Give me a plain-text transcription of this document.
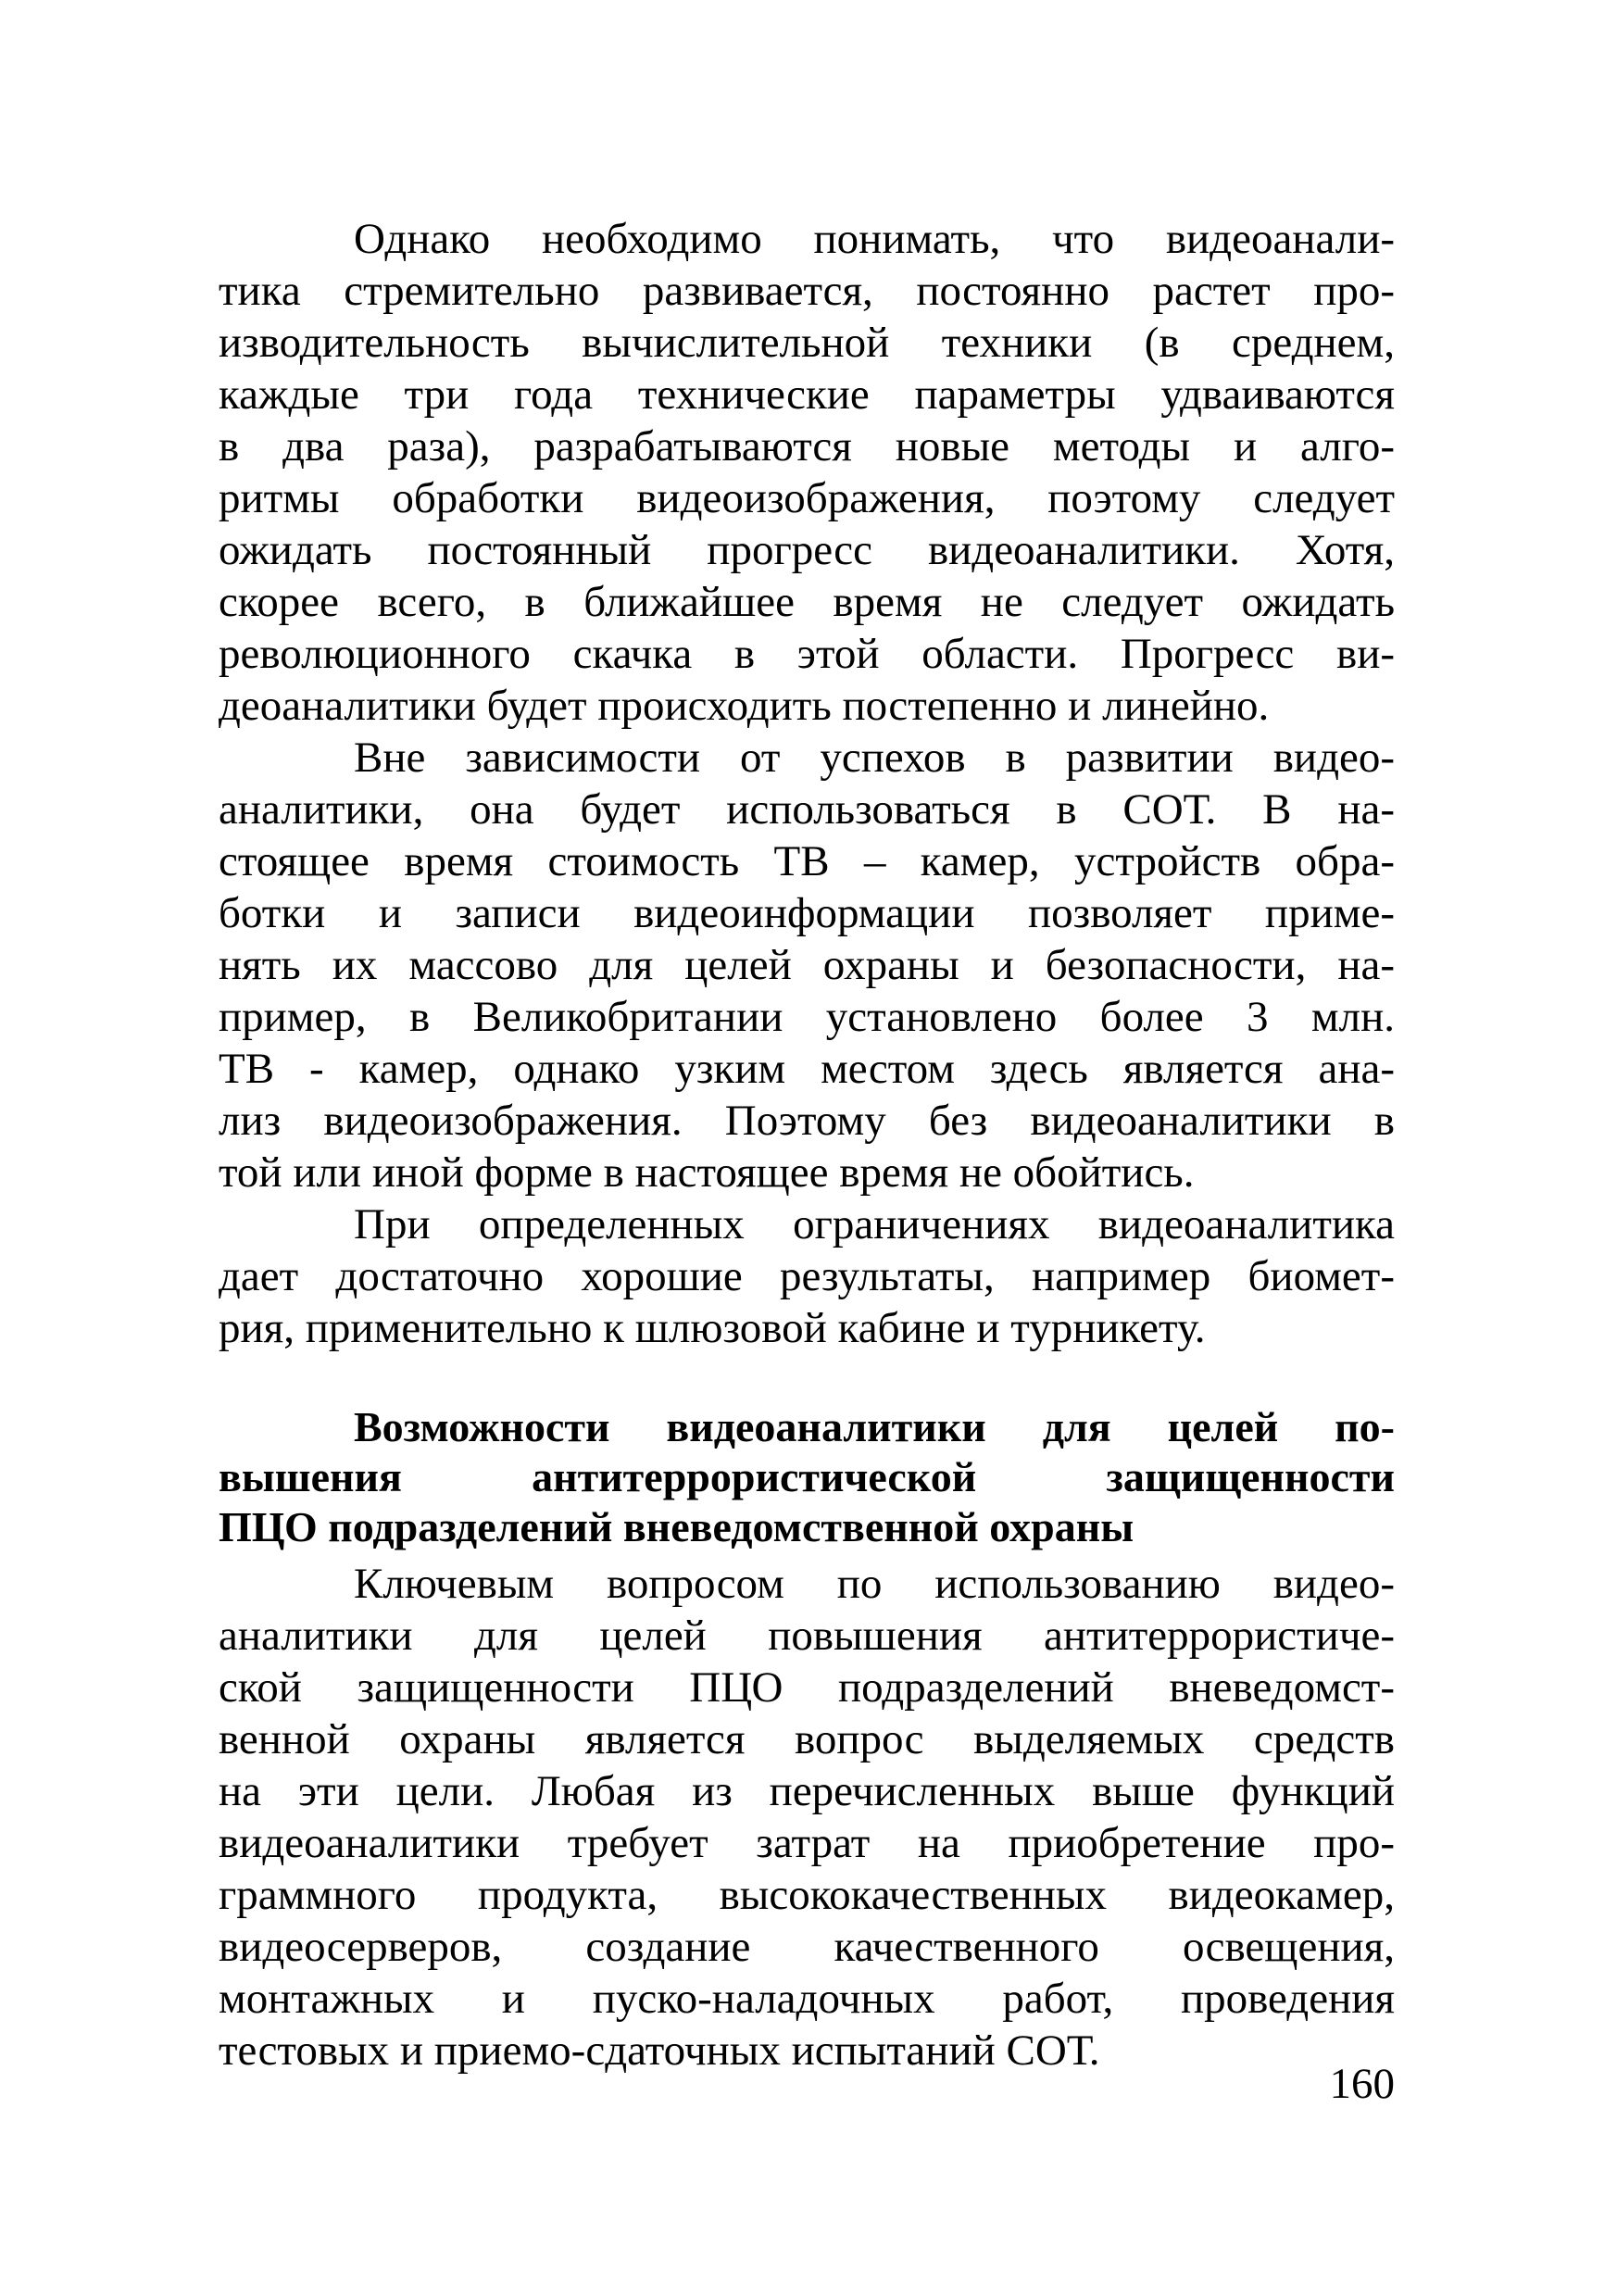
Однако необходимо понимать, что видеоанали-
тика стремительно развивается, постоянно растет про-
изводительность вычислительной техники (в среднем,
каждые три года технические параметры удваиваются
в два раза), разрабатываются новые методы и алго-
ритмы обработки видеоизображения, поэтому следует
ожидать постоянный прогресс видеоаналитики. Хотя,
скорее всего, в ближайшее время не следует ожидать
революционного скачка в этой области. Прогресс ви-
деоаналитики будет происходить постепенно и линейно.
Вне зависимости от успехов в развитии видео-
аналитики, она будет использоваться в СОТ. В на-
стоящее время стоимость ТВ – камер, устройств обра-
ботки и записи видеоинформации позволяет приме-
нять их массово для целей охраны и безопасности, на-
пример, в Великобритании установлено более 3 млн.
ТВ - камер, однако узким местом здесь является ана-
лиз видеоизображения. Поэтому без видеоаналитики в
той или иной форме в настоящее время не обойтись.
При определенных ограничениях видеоаналитика
дает достаточно хорошие результаты, например биомет-
рия, применительно к шлюзовой кабине и турникету.
Возможности видеоаналитики для целей по-
вышения антитеррористической защищенности
ПЦО подразделений вневедомственной охраны
Ключевым вопросом по использованию видео-
аналитики для целей повышения антитеррористиче-
ской защищенности ПЦО подразделений вневедомст-
венной охраны является вопрос выделяемых средств
на эти цели. Любая из перечисленных выше функций
видеоаналитики требует затрат на приобретение про-
граммного продукта, высококачественных видеокамер,
видеосерверов, создание качественного освещения,
монтажных и пуско-наладочных работ, проведения
тестовых и приемо-сдаточных испытаний СОТ.
160
